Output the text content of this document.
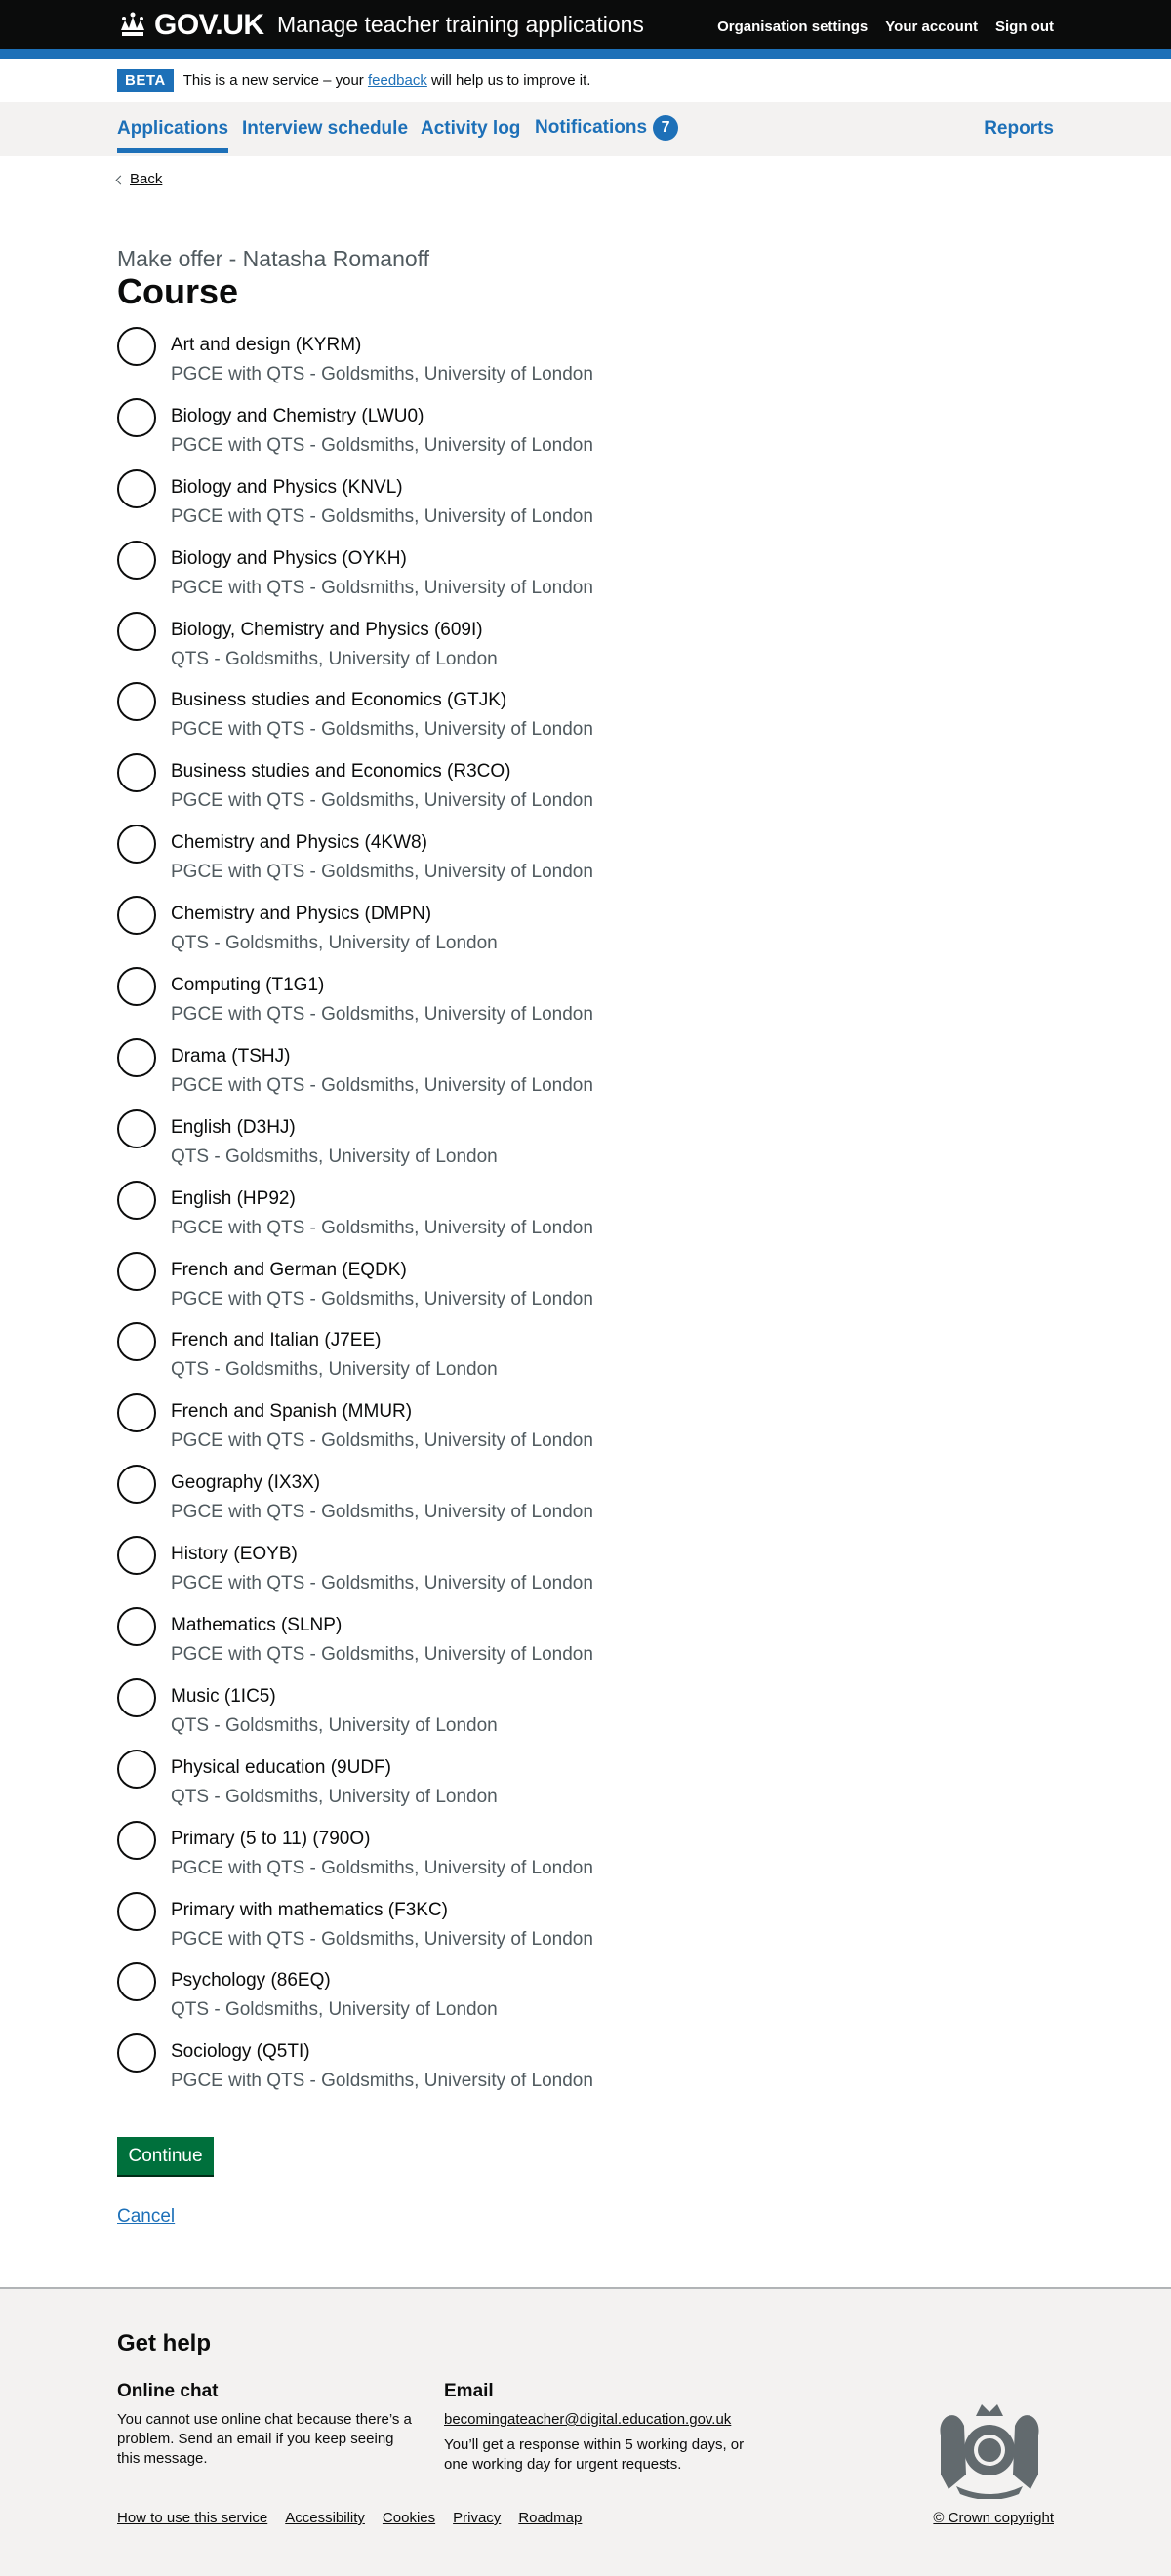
GOV.UK Manage teacher training applications	Organisation settings Your account Sign out
BETA	This is a new service – your
feedback
will help us to improve it.
Applications Interview schedule Activity log Notifications 7	Reports
Back
Make offer - Natasha Romanoff
Course
Art and design (KYRM)
PGCE with QTS - Goldsmiths, University of London
Biology and Chemistry (LWU0)
PGCE with QTS - Goldsmiths, University of London
Biology and Physics (KNVL)
PGCE with QTS - Goldsmiths, University of London
Biology and Physics (OYKH)
PGCE with QTS - Goldsmiths, University of London
Biology, Chemistry and Physics (609I)
QTS - Goldsmiths, University of London
Business studies and Economics (GTJK)
PGCE with QTS - Goldsmiths, University of London
Business studies and Economics (R3CO)
PGCE with QTS - Goldsmiths, University of London
Chemistry and Physics (4KW8)
PGCE with QTS - Goldsmiths, University of London
Chemistry and Physics (DMPN)
QTS - Goldsmiths, University of London
Computing (T1G1)
PGCE with QTS - Goldsmiths, University of London
Drama (TSHJ)
PGCE with QTS - Goldsmiths, University of London
English (D3HJ)
QTS - Goldsmiths, University of London
English (HP92)
PGCE with QTS - Goldsmiths, University of London
French and German (EQDK)
PGCE with QTS - Goldsmiths, University of London
French and Italian (J7EE)
QTS - Goldsmiths, University of London
French and Spanish (MMUR)
PGCE with QTS - Goldsmiths, University of London
Geography (IX3X)
PGCE with QTS - Goldsmiths, University of London
History (EOYB)
PGCE with QTS - Goldsmiths, University of London
Mathematics (SLNP)
PGCE with QTS - Goldsmiths, University of London
Music (1IC5)
QTS - Goldsmiths, University of London
Physical education (9UDF)
QTS - Goldsmiths, University of London
Primary (5 to 11) (790O)
PGCE with QTS - Goldsmiths, University of London
Primary with mathematics (F3KC)
PGCE with QTS - Goldsmiths, University of London
Psychology (86EQ)
QTS - Goldsmiths, University of London
Sociology (Q5TI)
PGCE with QTS - Goldsmiths, University of London
Continue
Cancel
Get help
Online chat

You cannot use online chat because there’s a problem. Send an email if you keep seeing this message.

Email

becomingateacher@digital.education.gov.uk

You’ll get a response within 5 working days, or one working day for urgent requests.

How to use this service Accessibility Cookies Privacy Roadmap	© Crown copyright
